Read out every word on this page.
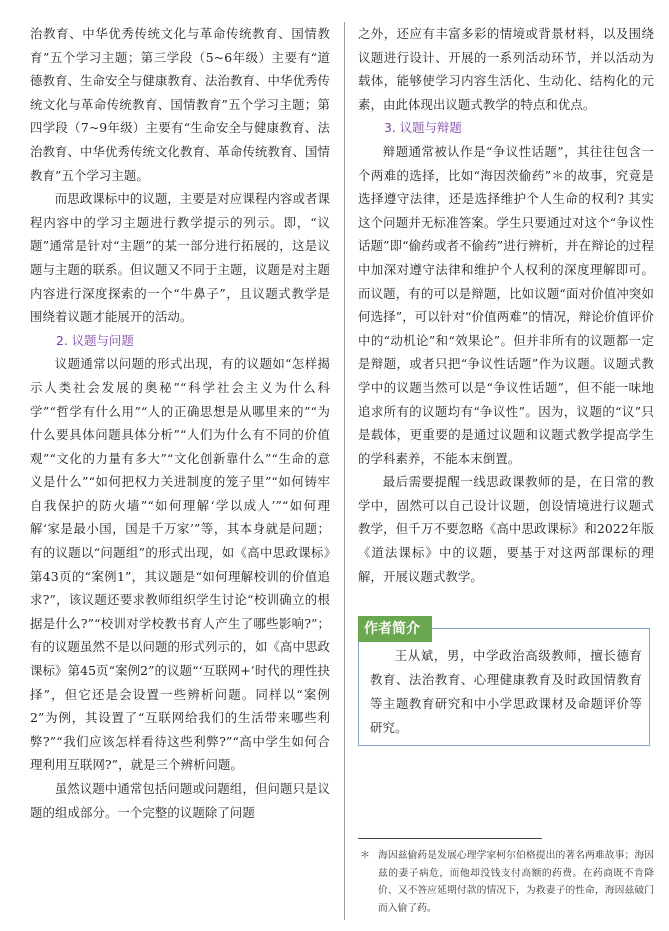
治教育、中华优秀传统文化与革命传统教育、国情教育”五个学习主题；第三学段（5~6年级）主要有“道德教育、生命安全与健康教育、法治教育、中华优秀传统文化与革命传统教育、国情教育”五个学习主题；第四学段（7~9年级）主要有“生命安全与健康教育、法治教育、中华优秀传统文化教育、革命传统教育、国情教育”五个学习主题。

而思政课标中的议题，主要是对应课程内容或者课程内容中的学习主题进行教学提示的列示。即，“议题”通常是针对“主题”的某一部分进行拓展的，这是议题与主题的联系。但议题又不同于主题，议题是对主题内容进行深度探索的一个“牛鼻子”，且议题式教学是围绕着议题才能展开的活动。

2. 议题与问题

议题通常以问题的形式出现，有的议题如“怎样揭示人类社会发展的奥秘”“科学社会主义为什么科学”“哲学有什么用”“人的正确思想是从哪里来的”“为什么要具体问题具体分析”“人们为什么有不同的价值观”“文化的力量有多大”“文化创新靠什么”“生命的意义是什么”“如何把权力关进制度的笼子里”“如何铸牢自我保护的防火墙”“如何理解‘学以成人’”“如何理解‘家是最小国，国是千万家’”等，其本身就是问题；有的议题以“问题组”的形式出现，如《高中思政课标》第43页的“案例1”，其议题是“如何理解校训的价值追求?”，该议题还要求教师组织学生讨论“校训确立的根据是什么?”“校训对学校教书育人产生了哪些影响?”；有的议题虽然不是以问题的形式列示的，如《高中思政课标》第45页“案例2”的议题“‘互联网+’时代的理性抉择”，但它还是会设置一些辨析问题。同样以“案例2”为例，其设置了“互联网给我们的生活带来哪些利弊?”“我们应该怎样看待这些利弊?”“高中学生如何合理利用互联网?”，就是三个辨析问题。

虽然议题中通常包括问题或问题组，但问题只是议题的组成部分。一个完整的议题除了问题

之外，还应有丰富多彩的情境或背景材料，以及围绕议题进行设计、开展的一系列活动环节，并以活动为载体，能够使学习内容生活化、生动化、结构化的元素，由此体现出议题式教学的特点和优点。

3. 议题与辩题

辩题通常被认作是“争议性话题”，其往往包含一个两难的选择，比如“海因茨偷药”＊的故事，究竟是选择遵守法律，还是选择维护个人生命的权利? 其实这个问题并无标准答案。学生只要通过对这个“争议性话题”即“偷药或者不偷药”进行辨析，并在辩论的过程中加深对遵守法律和维护个人权利的深度理解即可。而议题，有的可以是辩题，比如议题“面对价值冲突如何选择”，可以针对“价值两难”的情况，辩论价值评价中的“动机论”和“效果论”。但并非所有的议题都一定是辩题，或者只把“争议性话题”作为议题。议题式教学中的议题当然可以是“争议性话题”，但不能一味地追求所有的议题均有“争议性”。因为，议题的“议”只是载体，更重要的是通过议题和议题式教学提高学生的学科素养，不能本末倒置。

最后需要提醒一线思政课教师的是，在日常的教学中，固然可以自己设计议题，创设情境进行议题式教学，但千万不要忽略《高中思政课标》和2022年版《道法课标》中的议题，要基于对这两部课标的理解，开展议题式教学。

作者简介

王从斌，男，中学政治高级教师，擅长德育教育、法治教育、心理健康教育及时政国情教育等主题教育研究和中小学思政课材及命题评价等研究。

＊ 海因兹偷药是发展心理学家柯尔伯格提出的著名两难故事；海因兹的妻子病危，而他却没钱支付高额的药费。在药商既不肯降价、又不答应延期付款的情况下，为救妻子的性命，海因兹破门而入偷了药。
